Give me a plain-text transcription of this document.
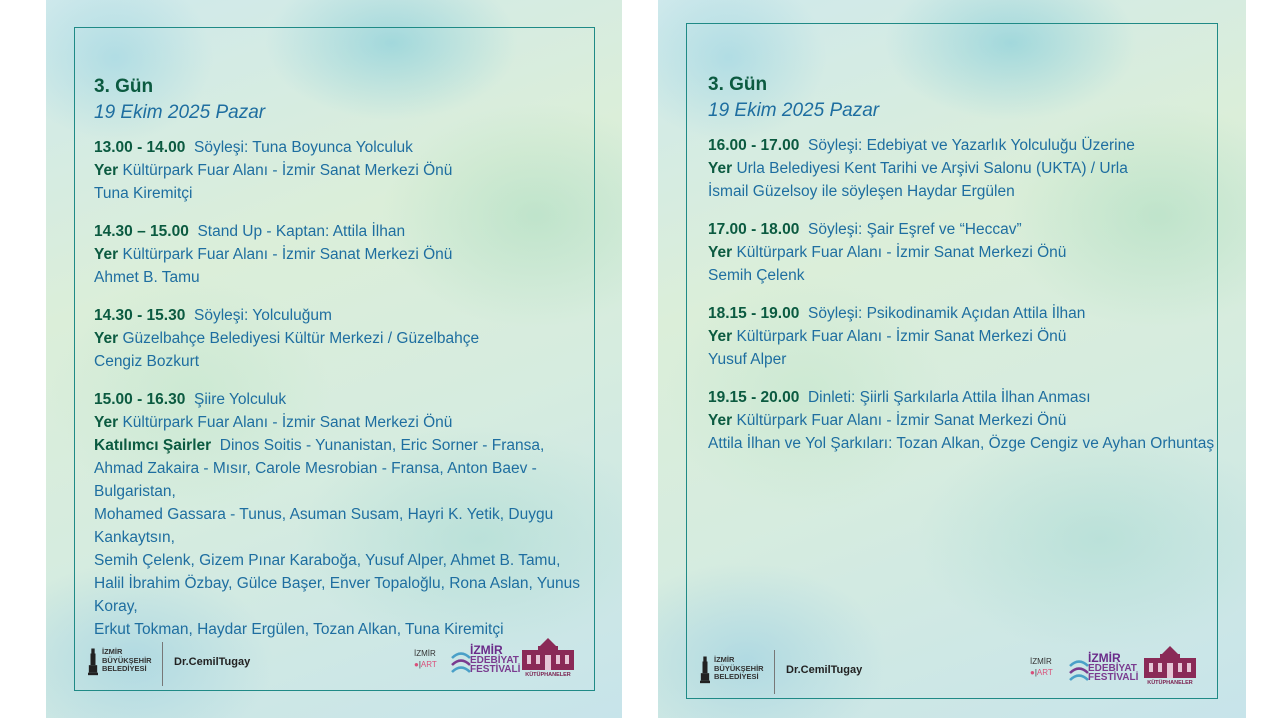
3. Gün
19 Ekim 2025 Pazar
13.00 - 14.00 Söyleşi: Tuna Boyunca Yolculuk
Yer Kültürpark Fuar Alanı - İzmir Sanat Merkezi Önü
Tuna Kiremitçi
14.30 – 15.00 Stand Up - Kaptan: Attila İlhan
Yer Kültürpark Fuar Alanı - İzmir Sanat Merkezi Önü
Ahmet B. Tamu
14.30 - 15.30 Söyleşi: Yolculuğum
Yer Güzelbahçe Belediyesi Kültür Merkezi / Güzelbahçe
Cengiz Bozkurt
15.00 - 16.30 Şiire Yolculuk
Yer Kültürpark Fuar Alanı - İzmir Sanat Merkezi Önü
Katılımcı Şairler Dinos Soitis - Yunanistan, Eric Sorner - Fransa,
Ahmad Zakaira - Mısır, Carole Mesrobian - Fransa, Anton Baev - Bulgaristan,
Mohamed Gassara - Tunus, Asuman Susam, Hayri K. Yetik, Duygu Kankaytsın,
Semih Çelenk, Gizem Pınar Karaboğa, Yusuf Alper, Ahmet B. Tamu,
Halil İbrahim Özbay, Gülce Başer, Enver Topaloğlu, Rona Aslan, Yunus Koray,
Erkut Tokman, Haydar Ergülen, Tozan Alkan, Tuna Kiremitçi
İZMİR
BÜYÜKŞEHİR
BELEDİYESİ
Dr.CemilTugay

İZMİR
●|ART
İZMİR
EDEBİYAT
FESTİVALİ KÜTÜPHANELER
3. Gün
19 Ekim 2025 Pazar
16.00 - 17.00 Söyleşi: Edebiyat ve Yazarlık Yolculuğu Üzerine
Yer Urla Belediyesi Kent Tarihi ve Arşivi Salonu (UKTA) / Urla
İsmail Güzelsoy ile söyleşen Haydar Ergülen
17.00 - 18.00 Söyleşi: Şair Eşref ve “Heccav”
Yer Kültürpark Fuar Alanı - İzmir Sanat Merkezi Önü
Semih Çelenk
18.15 - 19.00 Söyleşi: Psikodinamik Açıdan Attila İlhan
Yer Kültürpark Fuar Alanı - İzmir Sanat Merkezi Önü
Yusuf Alper
19.15 - 20.00 Dinleti: Şiirli Şarkılarla Attila İlhan Anması
Yer Kültürpark Fuar Alanı - İzmir Sanat Merkezi Önü
Attila İlhan ve Yol Şarkıları: Tozan Alkan, Özge Cengiz ve Ayhan Orhuntaş
İZMİR
BÜYÜKŞEHİR
BELEDİYESİ
Dr.CemilTugay

İZMİR
●|ART
İZMİR
EDEBİYAT
FESTİVALİ	KÜTÜPHANELER
